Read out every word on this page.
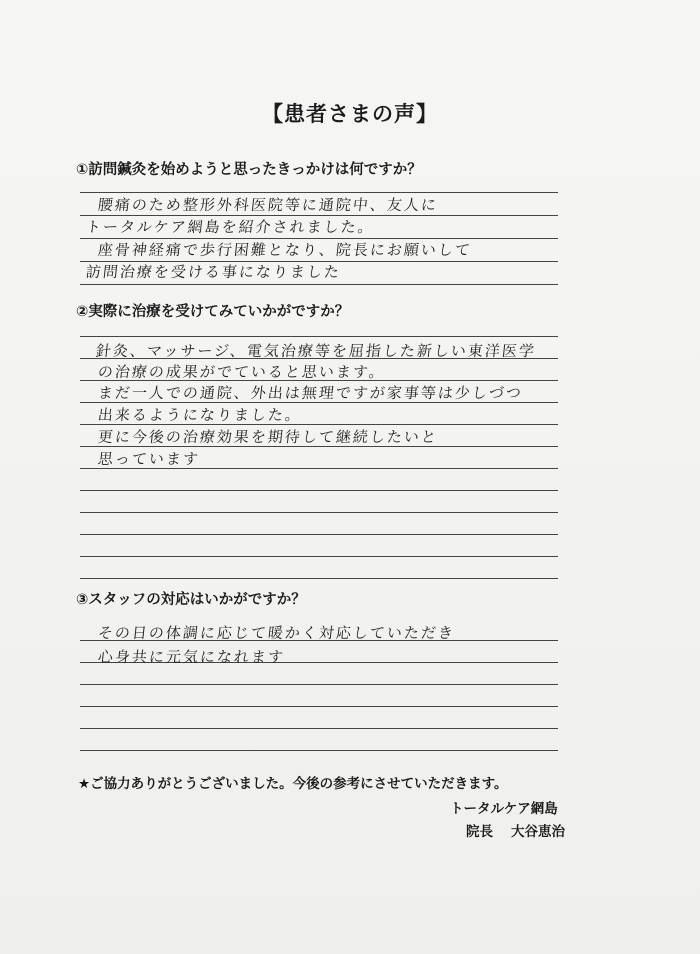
【患者さまの声】
①訪問鍼灸を始めようと思ったきっかけは何ですか？
腰痛のため整形外科医院等に通院中、友人に
トータルケア網島を紹介されました。
座骨神経痛で歩行困難となり、院長にお願いして
訪問治療を受ける事になりました
②実際に治療を受けてみていかがですか？
針灸、マッサージ、電気治療等を屈指した新しい東洋医学
の治療の成果がでていると思います。
まだ一人での通院、外出は無理ですが家事等は少しづつ
出来るようになりました。
更に今後の治療効果を期待して継続したいと
思っています
③スタッフの対応はいかがですか？
その日の体調に応じて暖かく対応していただき
心身共に元気になれます
★ご協力ありがとうございました。今後の参考にさせていただきます。
トータルケア網島
院長 大谷恵治
